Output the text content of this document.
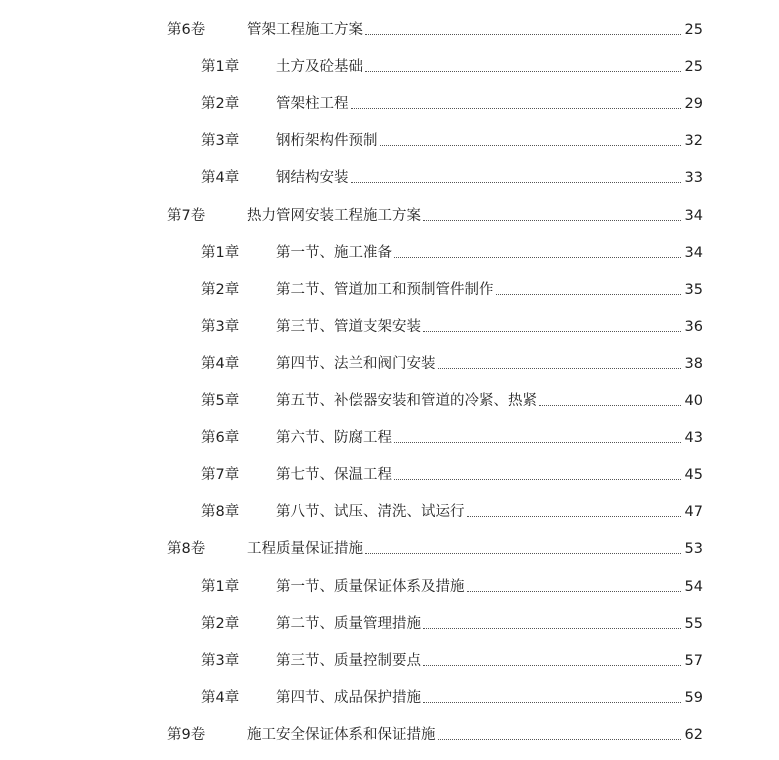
第6卷	管架工程施工方案	25
第1章	土方及砼基础	25
第2章	管架柱工程	29
第3章	钢桁架构件预制	32
第4章	钢结构安装	33
第7卷	热力管网安装工程施工方案	34
第1章	第一节、施工准备	34
第2章	第二节、管道加工和预制管件制作	35
第3章	第三节、管道支架安装	36
第4章	第四节、法兰和阀门安装	38
第5章	第五节、补偿器安装和管道的冷紧、热紧	40
第6章	第六节、防腐工程	43
第7章	第七节、保温工程	45
第8章	第八节、试压、清洗、试运行	47
第8卷	工程质量保证措施	53
第1章	第一节、质量保证体系及措施	54
第2章	第二节、质量管理措施	55
第3章	第三节、质量控制要点	57
第4章	第四节、成品保护措施	59
第9卷	施工安全保证体系和保证措施	62
